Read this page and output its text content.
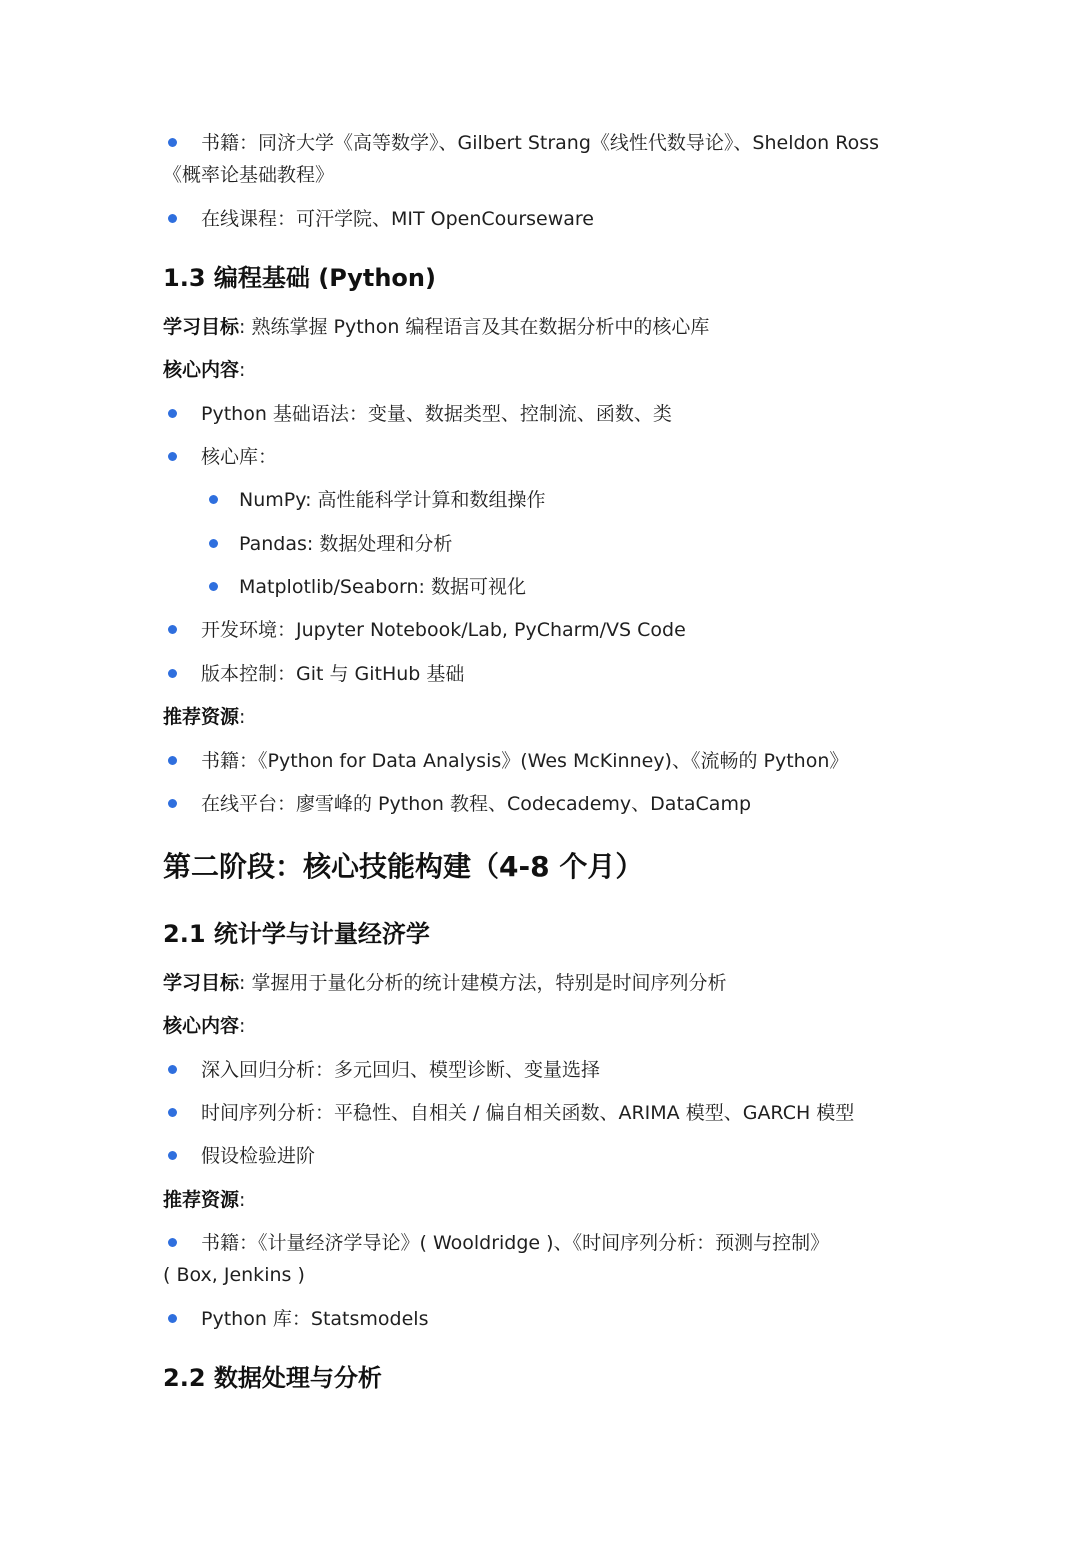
书籍：同济大学《高等数学》、Gilbert Strang《线性代数导论》、Sheldon Ross
《概率论基础教程》
在线课程：可汗学院、MIT OpenCourseware
1.3 编程基础 (Python)
学习目标: 熟练掌握 Python 编程语言及其在数据分析中的核心库
核心内容:
Python 基础语法：变量、数据类型、控制流、函数、类
核心库：
NumPy: 高性能科学计算和数组操作
Pandas: 数据处理和分析
Matplotlib/Seaborn: 数据可视化
开发环境：Jupyter Notebook/Lab, PyCharm/VS Code
版本控制：Git 与 GitHub 基础
推荐资源:
书籍：《Python for Data Analysis》(Wes McKinney)、《流畅的 Python》
在线平台：廖雪峰的 Python 教程、Codecademy、DataCamp
第二阶段：核心技能构建（4-8 个月）
2.1 统计学与计量经济学
学习目标: 掌握用于量化分析的统计建模方法，特别是时间序列分析
核心内容:
深入回归分析：多元回归、模型诊断、变量选择
时间序列分析：平稳性、自相关 / 偏自相关函数、ARIMA 模型、GARCH 模型
假设检验进阶
推荐资源:
书籍：《计量经济学导论》( Wooldridge )、《时间序列分析：预测与控制》
( Box, Jenkins )
Python 库：Statsmodels
2.2 数据处理与分析
